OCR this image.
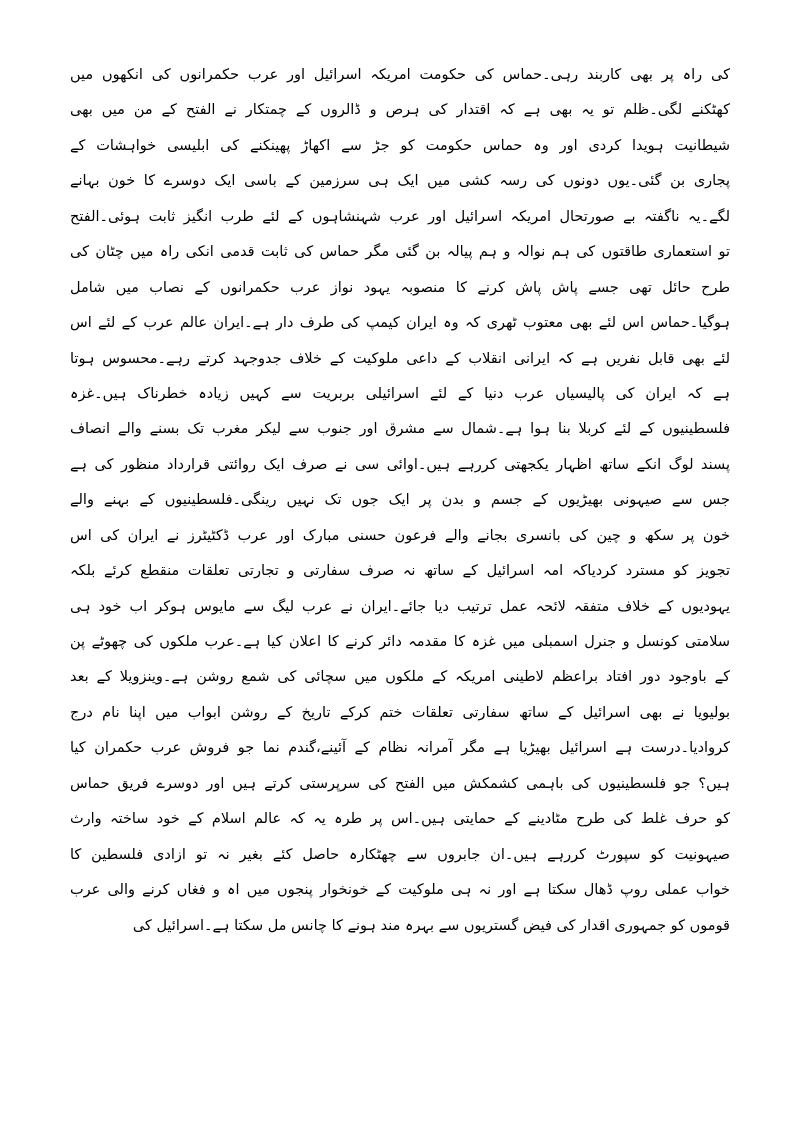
کی راہ پر بھی کاربند رہی۔حماس کی حکومت امریکہ اسرائیل اور عرب حکمرانوں کی انکھوں میں
کھٹکنے لگی۔ظلم تو یہ بھی ہے کہ اقتدار کی ہرص و ڈالروں کے چمتکار نے الفتح کے من میں بھی
شیطانیت ہویدا کردی اور وہ حماس حکومت کو جڑ سے اکھاڑ پھینکنے کی ابلیسی خواہشات کے
پجاری بن گئی۔یوں دونوں کی رسہ کشی میں ایک ہی سرزمین کے باسی ایک دوسرے کا خون بہانے
لگے۔یہ ناگفتہ بے صورتحال امریکہ اسرائیل اور عرب شہنشاہوں کے لئے طرب انگیز ثابت ہوئی۔الفتح
تو استعماری طاقتوں کی ہم نوالہ و ہم پیالہ بن گئی مگر حماس کی ثابت قدمی انکی راہ میں چٹان کی
طرح حائل تھی جسے پاش پاش کرنے کا منصوبہ یہود نواز عرب حکمرانوں کے نصاب میں شامل
ہوگیا۔حماس اس لئے بھی معتوب ٹھری کہ وہ ایران کیمپ کی طرف دار ہے۔ایران عالم عرب کے لئے اس
لئے بھی قابل نفریں ہے کہ ایرانی انقلاب کے داعی ملوکیت کے خلاف جدوجہد کرتے رہے۔محسوس ہوتا
ہے کہ ایران کی پالیسیاں عرب دنیا کے لئے اسرائیلی بربریت سے کہیں زیادہ خطرناک ہیں۔غزہ
فلسطینیوں کے لئے کربلا بنا ہوا ہے۔شمال سے مشرق اور جنوب سے لیکر مغرب تک بسنے والے انصاف
پسند لوگ انکے ساتھ اظہار یکجھتی کررہے ہیں۔اوائی سی نے صرف ایک روائتی قرارداد منظور کی ہے
جس سے صیہونی بھیڑیوں کے جسم و بدن پر ایک جوں تک نہیں رینگی۔فلسطینیوں کے بہنے والے
خون پر سکھ و چین کی بانسری بجانے والے فرعون حسنی مبارک اور عرب ڈکٹیٹرز نے ایران کی اس
تجویز کو مسترد کردیاکہ امہ اسرائیل کے ساتھ نہ صرف سفارتی و تجارتی تعلقات منقطع کرئے بلکہ
یہودیوں کے خلاف متفقہ لائحہ عمل ترتیب دیا جائے۔ایران نے عرب لیگ سے مایوس ہوکر اب خود ہی
سلامتی کونسل و جنرل اسمبلی میں غزہ کا مقدمہ دائر کرنے کا اعلان کیا ہے۔عرب ملکوں کی چھوٹے پن
کے باوجود دور افتاد براعظم لاطینی امریکہ کے ملکوں میں سچائی کی شمع روشن ہے۔وینزویلا کے بعد
بولیویا نے بھی اسرائیل کے ساتھ سفارتی تعلقات ختم کرکے تاریخ کے روشن ابواب میں اپنا نام درج
کروادیا۔درست ہے اسرائیل بھیڑیا ہے مگر آمرانہ نظام کے آئینے،گندم نما جو فروش عرب حکمران کیا
ہیں؟ جو فلسطینیوں کی باہمی کشمکش میں الفتح کی سرپرستی کرتے ہیں اور دوسرے فریق حماس
کو حرف غلط کی طرح مٹادینے کے حمایتی ہیں۔اس پر طرہ یہ کہ عالم اسلام کے خود ساختہ وارث
صیہونیت کو سپورٹ کررہے ہیں۔ان جابروں سے چھٹکارہ حاصل کئے بغیر نہ تو ازادی فلسطین کا
خواب عملی روپ ڈھال سکتا ہے اور نہ ہی ملوکیت کے خونخوار پنجوں میں اہ و فغاں کرنے والی عرب
قوموں کو جمہوری اقدار کی فیض گستریوں سے بہرہ مند ہونے کا چانس مل سکتا ہے۔اسرائیل کی
